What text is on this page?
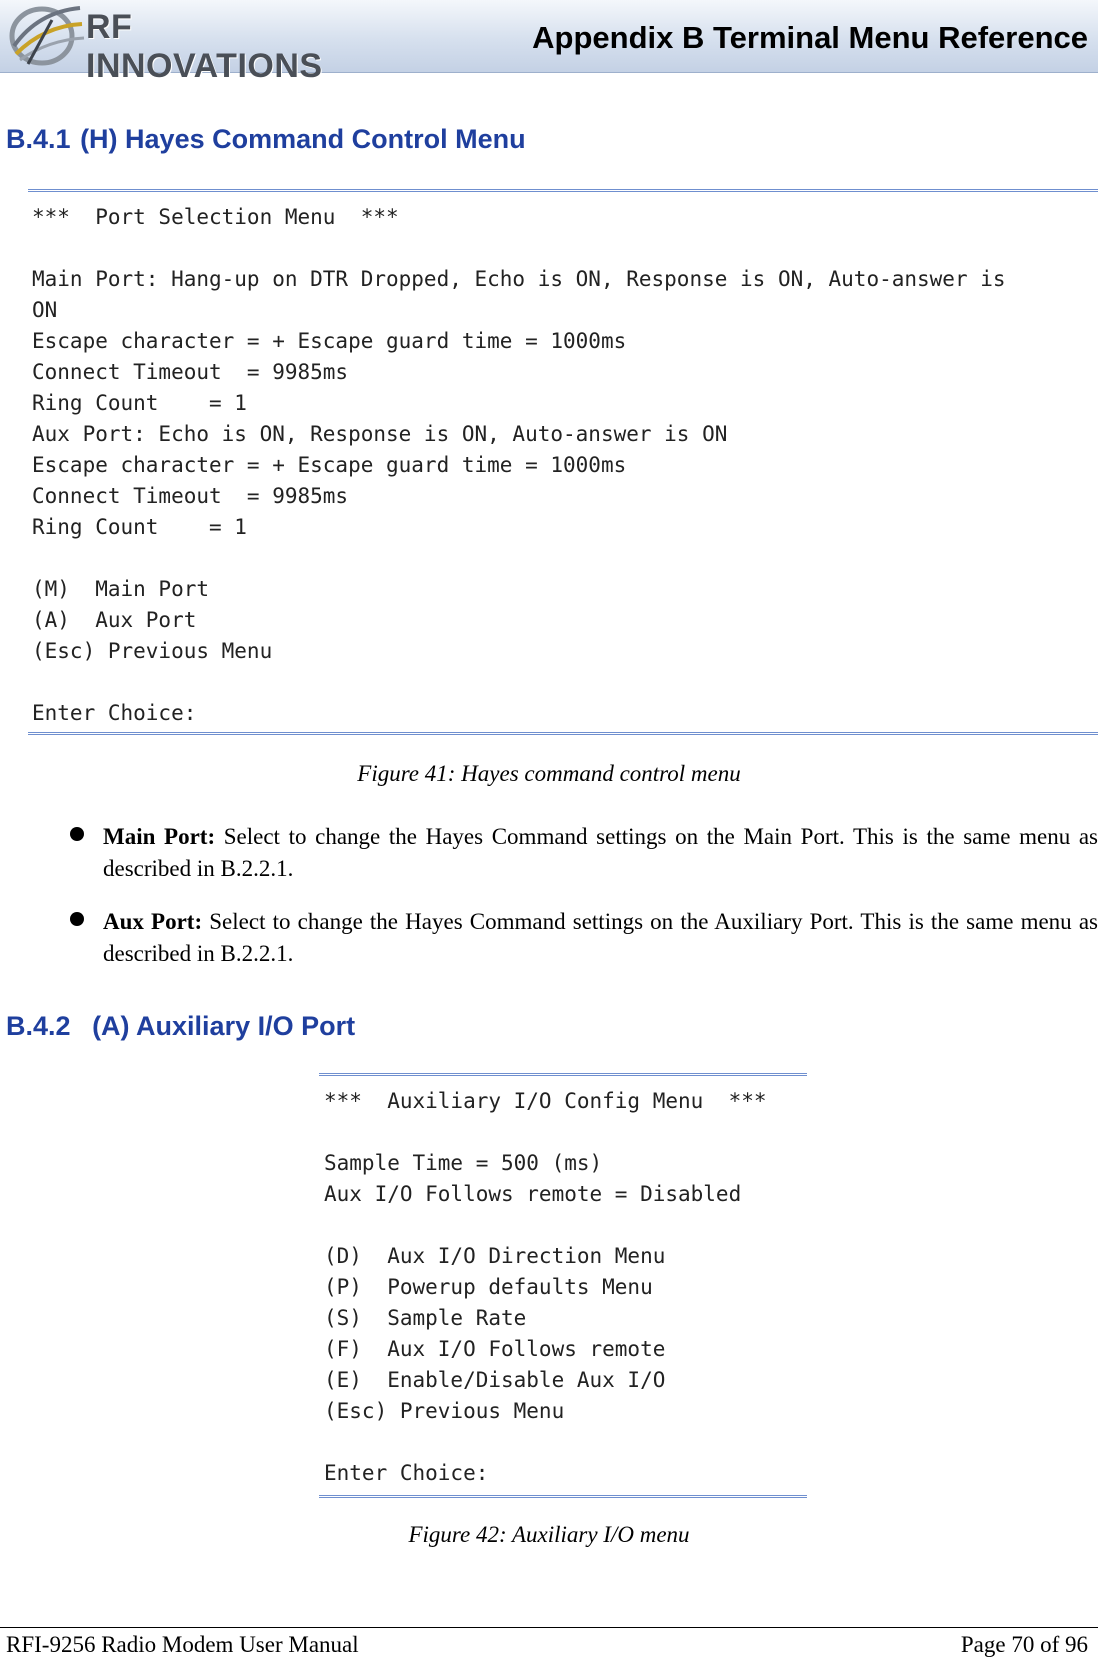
RF INNOVATIONS
Appendix B Terminal Menu Reference
B.4.1 (H) Hayes Command Control Menu
***  Port Selection Menu  ***
Main Port: Hang-up on DTR Dropped, Echo is ON, Response is ON, Auto-answer is
ON
Escape character = + Escape guard time = 1000ms
Connect Timeout  = 9985ms
Ring Count    = 1
Aux Port: Echo is ON, Response is ON, Auto-answer is ON
Escape character = + Escape guard time = 1000ms
Connect Timeout  = 9985ms
Ring Count    = 1
(M)  Main Port
(A)  Aux Port
(Esc) Previous Menu
Enter Choice:
Figure 41: Hayes command control menu
Main Port: Select to change the Hayes Command settings on the Main Port. This is the same menu as described in B.2.2.1.
Aux Port: Select to change the Hayes Command settings on the Auxiliary Port. This is the same menu as described in B.2.2.1.
B.4.2 (A) Auxiliary I/O Port
***  Auxiliary I/O Config Menu  ***
Sample Time = 500 (ms)
Aux I/O Follows remote = Disabled
(D)  Aux I/O Direction Menu
(P)  Powerup defaults Menu
(S)  Sample Rate
(F)  Aux I/O Follows remote
(E)  Enable/Disable Aux I/O
(Esc) Previous Menu
Enter Choice:
Figure 42: Auxiliary I/O menu
RFI-9256 Radio Modem User Manual	Page 70 of 96
